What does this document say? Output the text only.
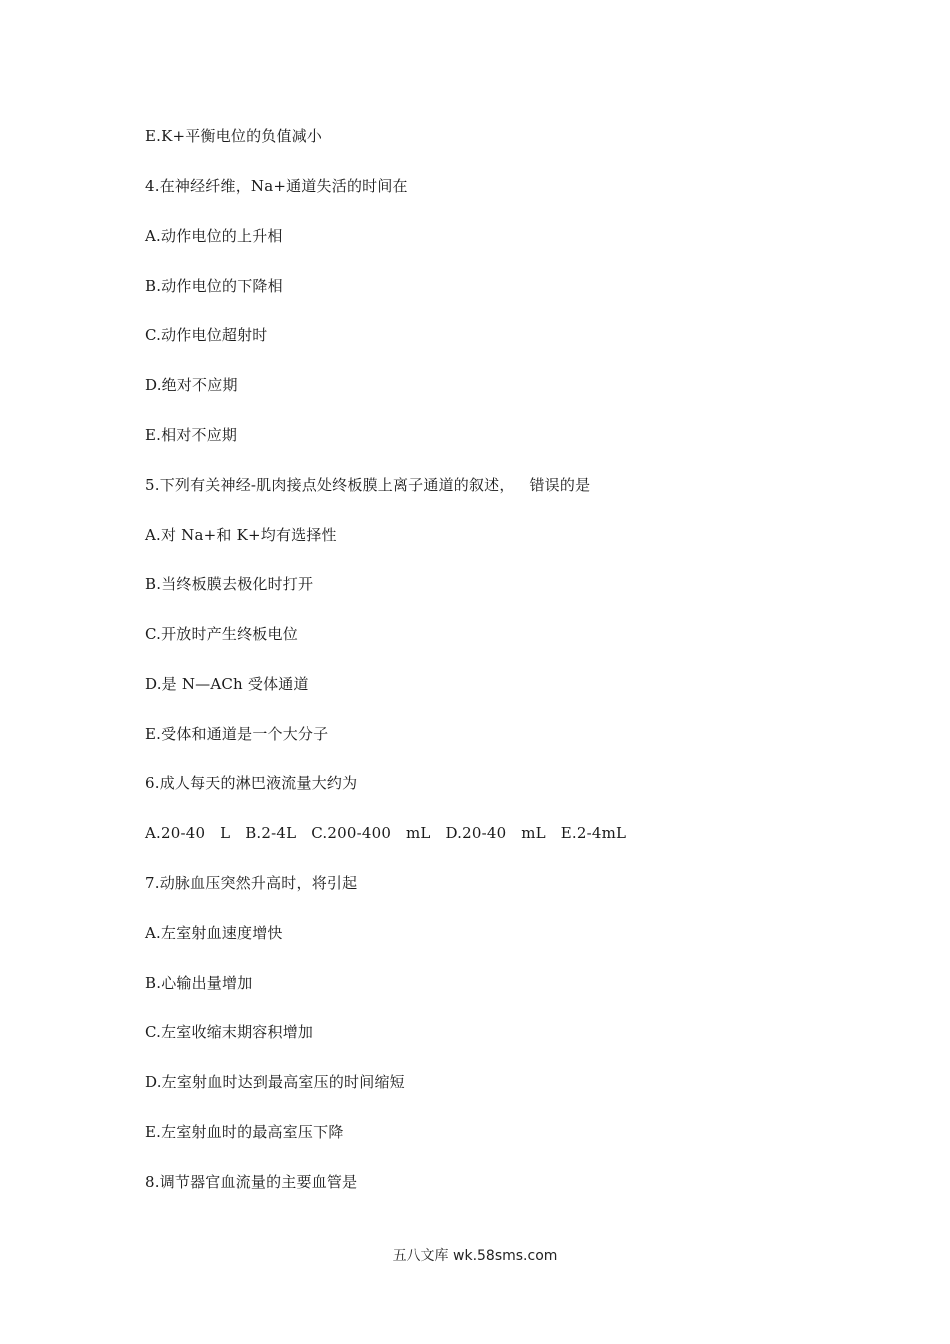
E.K+平衡电位的负值减小
4.在神经纤维，Na+通道失活的时间在
A.动作电位的上升相
B.动作电位的下降相
C.动作电位超射时
D.绝对不应期
E.相对不应期
5.下列有关神经-肌肉接点处终板膜上离子通道的叙述，   错误的是
A.对 Na+和 K+均有选择性
B.当终板膜去极化时打开
C.开放时产生终板电位
D.是 N—ACh 受体通道
E.受体和通道是一个大分子
6.成人每天的淋巴液流量大约为
A.20-40   L   B.2-4L   C.200-400   mL   D.20-40   mL   E.2-4mL
7.动脉血压突然升高时，将引起
A.左室射血速度增快
B.心输出量增加
C.左室收缩末期容积增加
D.左室射血时达到最高室压的时间缩短
E.左室射血时的最高室压下降
8.调节器官血流量的主要血管是
五八文库 wk.58sms.com
